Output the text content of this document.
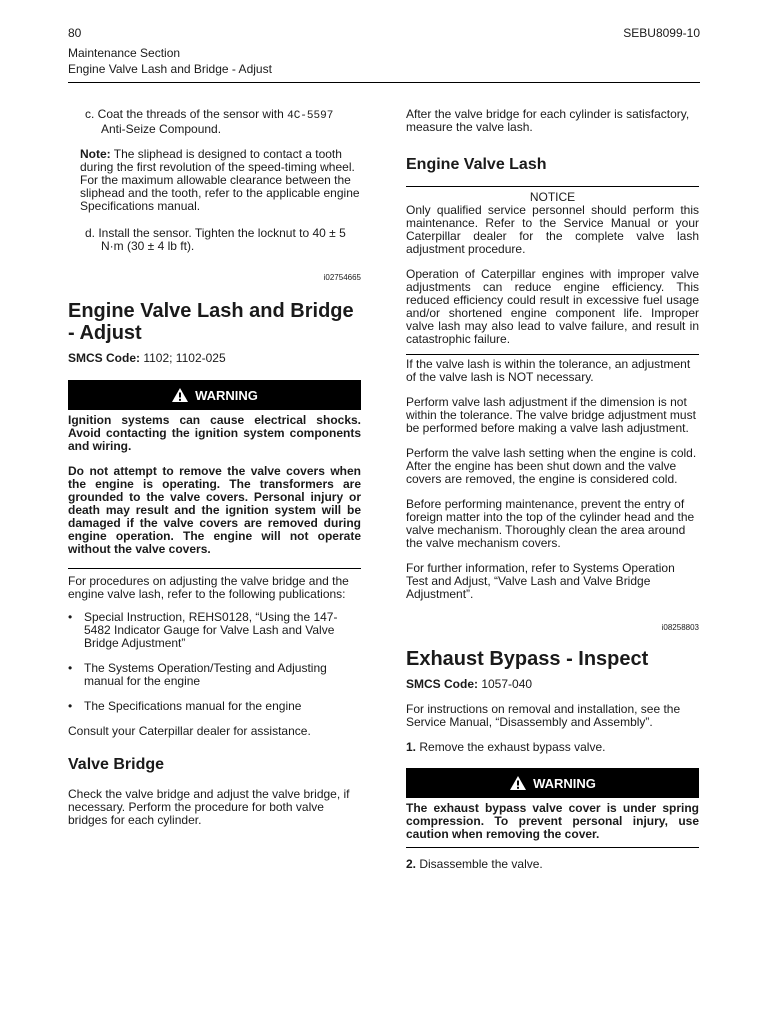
80	SEBU8099-10
Maintenance Section
Engine Valve Lash and Bridge - Adjust

c. Coat the threads of the sensor with 4C-5597
Anti-Seize Compound.

Note: The sliphead is designed to contact a tooth during the first revolution of the speed-timing wheel. For the maximum allowable clearance between the sliphead and the tooth, refer to the applicable engine Specifications manual.

d. Install the sensor. Tighten the locknut to 40 ± 5 N·m (30 ± 4 lb ft).

i02754665
Engine Valve Lash and Bridge - Adjust

SMCS Code: 1102; 1102-025

WARNING

Ignition systems can cause electrical shocks. Avoid contacting the ignition system components and wiring.

Do not attempt to remove the valve covers when the engine is operating. The transformers are grounded to the valve covers. Personal injury or death may result and the ignition system will be damaged if the valve covers are removed during engine operation. The engine will not operate without the valve covers.

For procedures on adjusting the valve bridge and the engine valve lash, refer to the following publications:

• Special Instruction, REHS0128, “Using the 147-5482 Indicator Gauge for Valve Lash and Valve Bridge Adjustment”
• The Systems Operation/Testing and Adjusting manual for the engine
• The Specifications manual for the engine

Consult your Caterpillar dealer for assistance.

Valve Bridge

Check the valve bridge and adjust the valve bridge, if necessary. Perform the procedure for both valve bridges for each cylinder.

After the valve bridge for each cylinder is satisfactory, measure the valve lash.

Engine Valve Lash
NOTICE

Only qualified service personnel should perform this maintenance. Refer to the Service Manual or your Caterpillar dealer for the complete valve lash adjustment procedure.

Operation of Caterpillar engines with improper valve adjustments can reduce engine efficiency. This reduced efficiency could result in excessive fuel usage and/or shortened engine component life. Improper valve lash may also lead to valve failure, and result in catastrophic failure.

If the valve lash is within the tolerance, an adjustment of the valve lash is NOT necessary.

Perform valve lash adjustment if the dimension is not within the tolerance. The valve bridge adjustment must be performed before making a valve lash adjustment.

Perform the valve lash setting when the engine is cold. After the engine has been shut down and the valve covers are removed, the engine is considered cold.

Before performing maintenance, prevent the entry of foreign matter into the top of the cylinder head and the valve mechanism. Thoroughly clean the area around the valve mechanism covers.

For further information, refer to Systems Operation Test and Adjust, “Valve Lash and Valve Bridge Adjustment”.

i08258803
Exhaust Bypass - Inspect

SMCS Code: 1057-040

For instructions on removal and installation, see the Service Manual, “Disassembly and Assembly”.

1. Remove the exhaust bypass valve.

WARNING

The exhaust bypass valve cover is under spring compression. To prevent personal injury, use caution when removing the cover.

2. Disassemble the valve.
